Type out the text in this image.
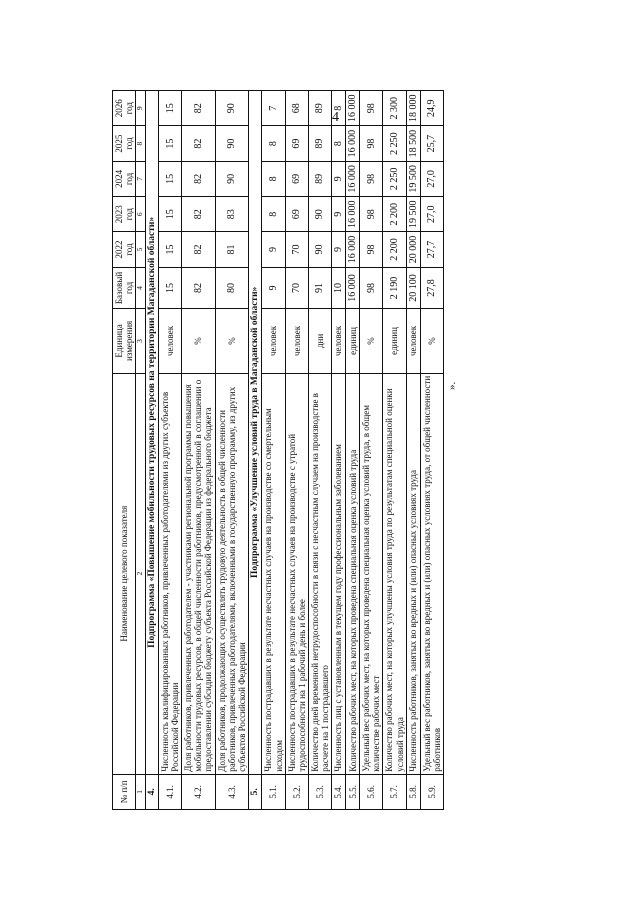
4
№ п/п	Наименование целевого показателя	Единица измерения	Базовый год	2022 год	2023 год	2024 год	2025 год	2026 год
1	2	3	4	5	6	7	8	9
4.	Подпрограмма «Повышение мобильности трудовых ресурсов на территории Магаданской области»							
4.1.	Численность квалифицированных работников, привлеченных работодателями из других субъектов Российской Федерации	человек	15	15	15	15	15	15
4.2.	Доля работников, привлеченных работодателем - участниками региональной программы повышения мобильности трудовых ресурсов, в общей численности работников, предусмотренной в соглашении о предоставлении субсидии бюджету субъекта Российской Федерации из федерального бюджета	%	82	82	82	82	82	82
4.3.	Доля работников, продолжающих осуществлять трудовую деятельность в общей численности работников, привлеченных работодателями, включенными в государственную программу, из других субъектов Российской Федерации	%	80	81	83	90	90	90
5.	Подпрограмма «Улучшение условий труда в Магаданской области»							
5.1.	Численность пострадавших в результате несчастных случаев на производстве со смертельным исходом	человек	9	9	8	8	8	7
5.2.	Численность пострадавших в результате несчастных случаев на производстве с утратой трудоспособности на 1 рабочий день и более	человек	70	70	69	69	69	68
5.3.	Количество дней временной нетрудоспособности в связи с несчастным случаем на производстве в расчете на 1 пострадавшего	дни	91	90	90	89	89	89
5.4.	Численность лиц с установленным в текущем году профессиональным заболеванием	человек	10	9	9	9	8	8
5.5.	Количество рабочих мест, на которых проведена специальная оценка условий труда	единиц	16 000	16 000	16 000	16 000	16 000	16 000
5.6.	Удельный вес рабочих мест, на которых проведена специальная оценка условий труда, в общем количестве рабочих мест	%	98	98	98	98	98	98
5.7.	Количество рабочих мест, на которых улучшены условия труда по результатам специальной оценки условий труда	единиц	2 190	2 200	2 200	2 250	2 250	2 300
5.8.	Численность работников, занятых во вредных и (или) опасных условиях труда	человек	20 100	20 000	19 500	19 500	18 500	18 000
5.9.	Удельный вес работников, занятых во вредных и (или) опасных условиях труда, от общей численности работников	%	27,8	27,7	27,0	27,0	25,7	24,9
».
